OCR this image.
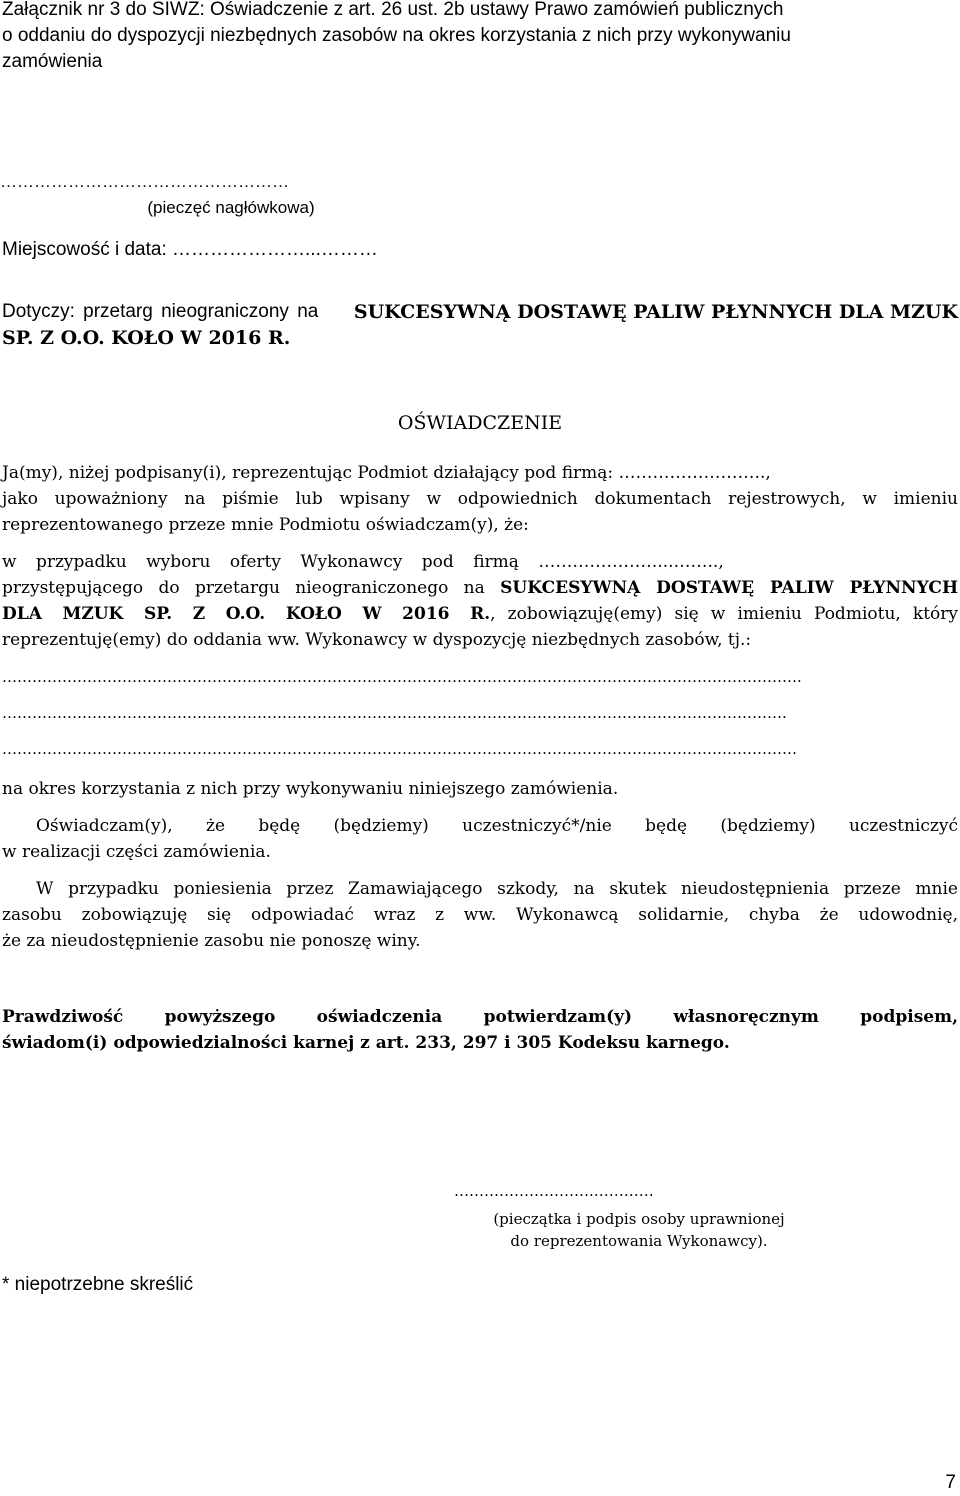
Załącznik nr 3 do SIWZ: Oświadczenie z art. 26 ust. 2b ustawy Prawo zamówień publicznych
o oddaniu do dyspozycji niezbędnych zasobów na okres korzystania z nich przy wykonywaniu
zamówienia
……………………………………………
(pieczęć nagłówkowa)
Miejscowość i data: …………………...………
Dotyczy: przetarg nieograniczony na SUKCESYWNĄ DOSTAWĘ PALIW PŁYNNYCH DLA MZUK
SP. Z O.O. KOŁO W 2016 R.
OŚWIADCZENIE
Ja(my), niżej podpisany(i), reprezentując Podmiot działający pod firmą: ……………………..,
jako upoważniony na piśmie lub wpisany w odpowiednich dokumentach rejestrowych, w imieniu
reprezentowanego przeze mnie Podmiotu oświadczam(y), że:
w przypadku wyboru oferty Wykonawcy pod firmą …………………...……..,
przystępującego do przetargu nieograniczonego na SUKCESYWNĄ DOSTAWĘ PALIW PŁYNNYCH
DLA MZUK SP. Z O.O. KOŁO W 2016 R., zobowiązuję(emy) się w imieniu Podmiotu, który
reprezentuję(emy) do oddania ww. Wykonawcy w dyspozycję niezbędnych zasobów, tj.:
…………………………………………………………………………………………………………………………………………….
………………………………………………………………………………………………………………………………………….
……………………………………………………………………………………………………………………………………………
na okres korzystania z nich przy wykonywaniu niniejszego zamówienia.
Oświadczam(y), że będę (będziemy) uczestniczyć*/nie będę (będziemy) uczestniczyć
w realizacji części zamówienia.
W przypadku poniesienia przez Zamawiającego szkody, na skutek nieudostępnienia przeze mnie
zasobu zobowiązuję się odpowiadać wraz z ww. Wykonawcą solidarnie, chyba że udowodnię,
że za nieudostępnienie zasobu nie ponoszę winy.
Prawdziwość powyższego oświadczenia potwierdzam(y) własnoręcznym podpisem,
świadom(i) odpowiedzialności karnej z art. 233, 297 i 305 Kodeksu karnego.
……………………….…………
(pieczątka i podpis osoby uprawnionej
do reprezentowania Wykonawcy).
* niepotrzebne skreślić
7
